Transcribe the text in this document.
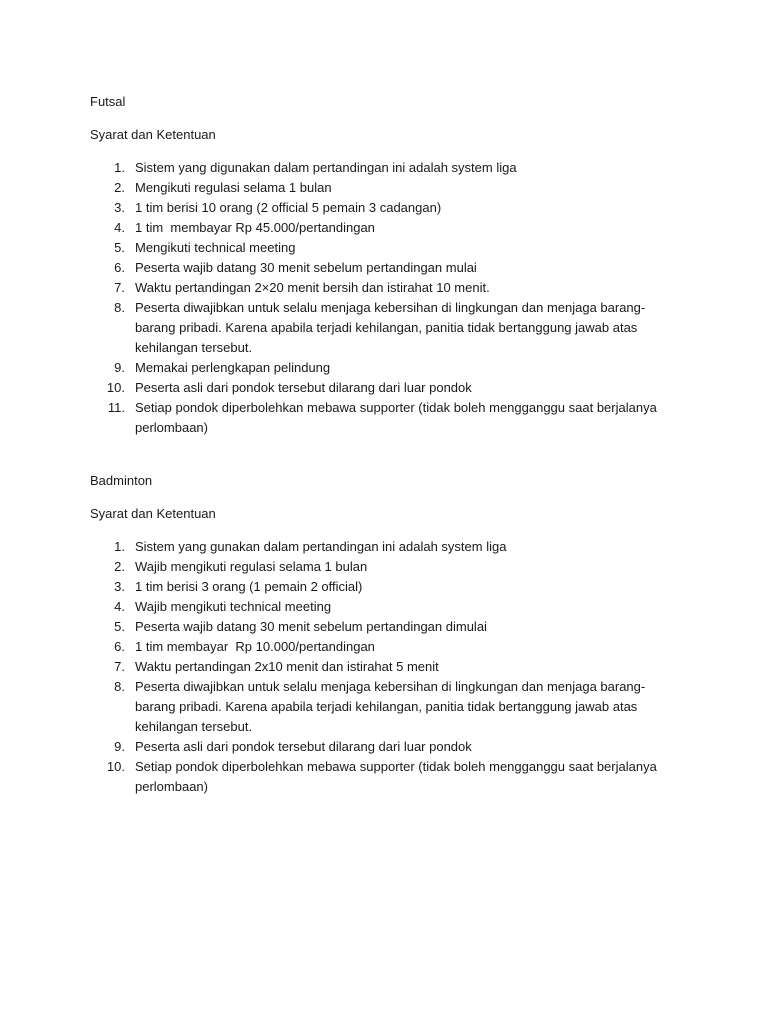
Futsal
Syarat dan Ketentuan
1. Sistem yang digunakan dalam pertandingan ini adalah system liga
2. Mengikuti regulasi selama 1 bulan
3. 1 tim berisi 10 orang (2 official 5 pemain 3 cadangan)
4. 1 tim  membayar Rp 45.000/pertandingan
5. Mengikuti technical meeting
6. Peserta wajib datang 30 menit sebelum pertandingan mulai
7. Waktu pertandingan 2×20 menit bersih dan istirahat 10 menit.
8. Peserta diwajibkan untuk selalu menjaga kebersihan di lingkungan dan menjaga barang- barang pribadi. Karena apabila terjadi kehilangan, panitia tidak bertanggung jawab atas kehilangan tersebut.
9. Memakai perlengkapan pelindung
10. Peserta asli dari pondok tersebut dilarang dari luar pondok
11. Setiap pondok diperbolehkan mebawa supporter (tidak boleh mengganggu saat berjalanya perlombaan)
Badminton
Syarat dan Ketentuan
1. Sistem yang gunakan dalam pertandingan ini adalah system liga
2. Wajib mengikuti regulasi selama 1 bulan
3. 1 tim berisi 3 orang (1 pemain 2 official)
4. Wajib mengikuti technical meeting
5. Peserta wajib datang 30 menit sebelum pertandingan dimulai
6. 1 tim membayar  Rp 10.000/pertandingan
7. Waktu pertandingan 2x10 menit dan istirahat 5 menit
8. Peserta diwajibkan untuk selalu menjaga kebersihan di lingkungan dan menjaga barang- barang pribadi. Karena apabila terjadi kehilangan, panitia tidak bertanggung jawab atas kehilangan tersebut.
9. Peserta asli dari pondok tersebut dilarang dari luar pondok
10. Setiap pondok diperbolehkan mebawa supporter (tidak boleh mengganggu saat berjalanya perlombaan)
